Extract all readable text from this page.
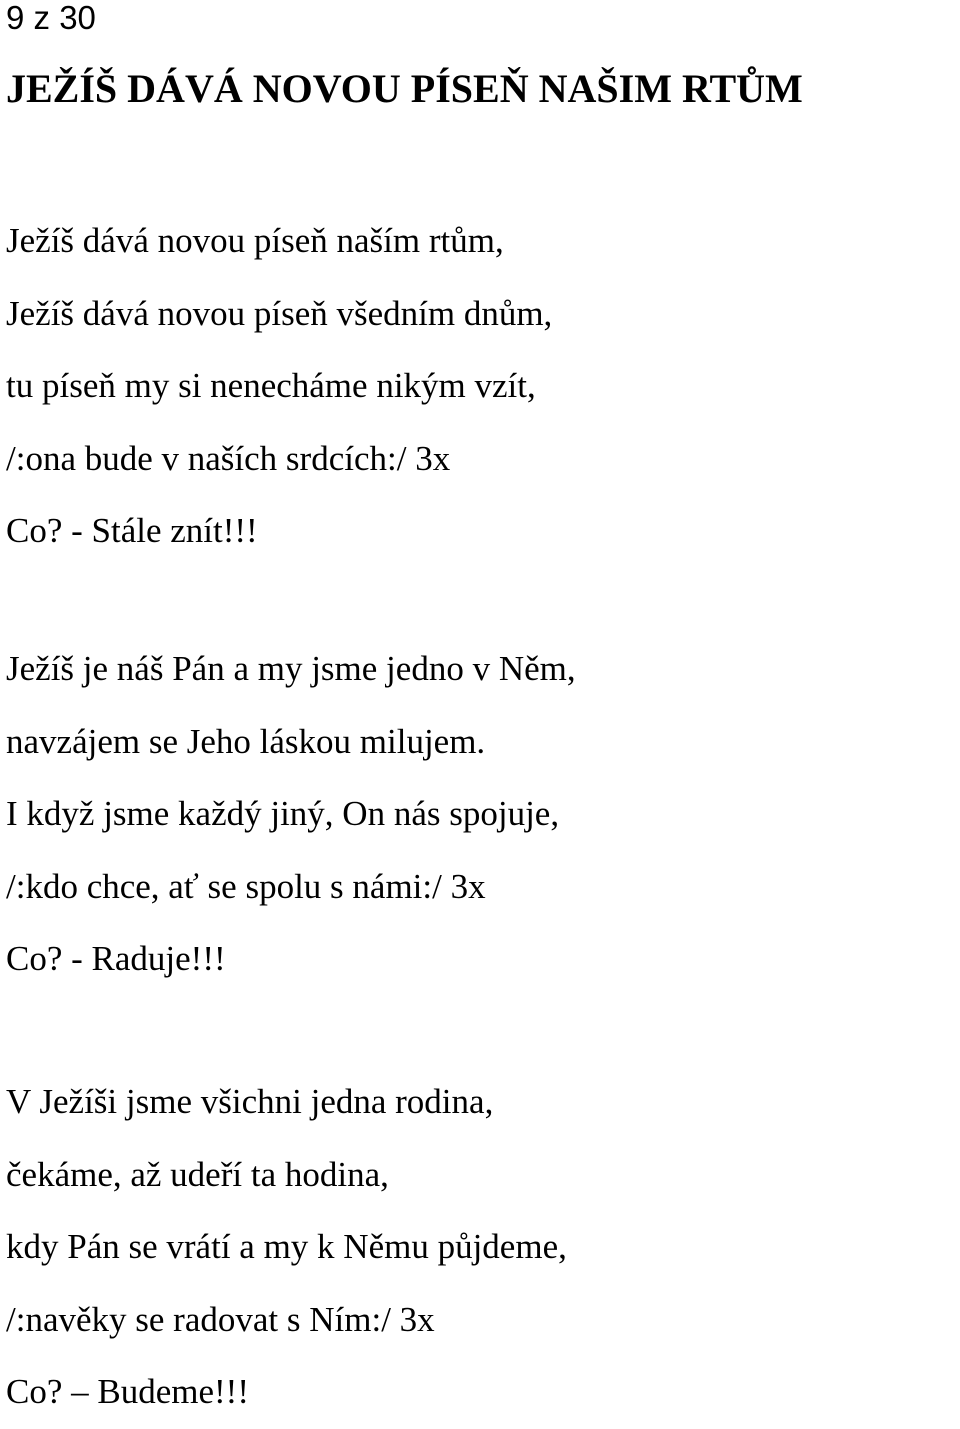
9 z 30
JEŽÍŠ DÁVÁ NOVOU PÍSEŇ NAŠIM RTŮM
Ježíš dává novou píseň naším rtům,
Ježíš dává novou píseň všedním dnům,
tu píseň my si nenecháme nikým vzít,
/:ona bude v naších srdcích:/ 3x
Co? - Stále znít!!!
Ježíš je náš Pán a my jsme jedno v Něm,
navzájem se Jeho láskou milujem.
I když jsme každý jiný, On nás spojuje,
/:kdo chce, ať se spolu s námi:/ 3x
Co? - Raduje!!!
V Ježíši jsme všichni jedna rodina,
čekáme, až udeří ta hodina,
kdy Pán se vrátí a my k Němu půjdeme,
/:navěky se radovat s Ním:/ 3x
Co? – Budeme!!!
